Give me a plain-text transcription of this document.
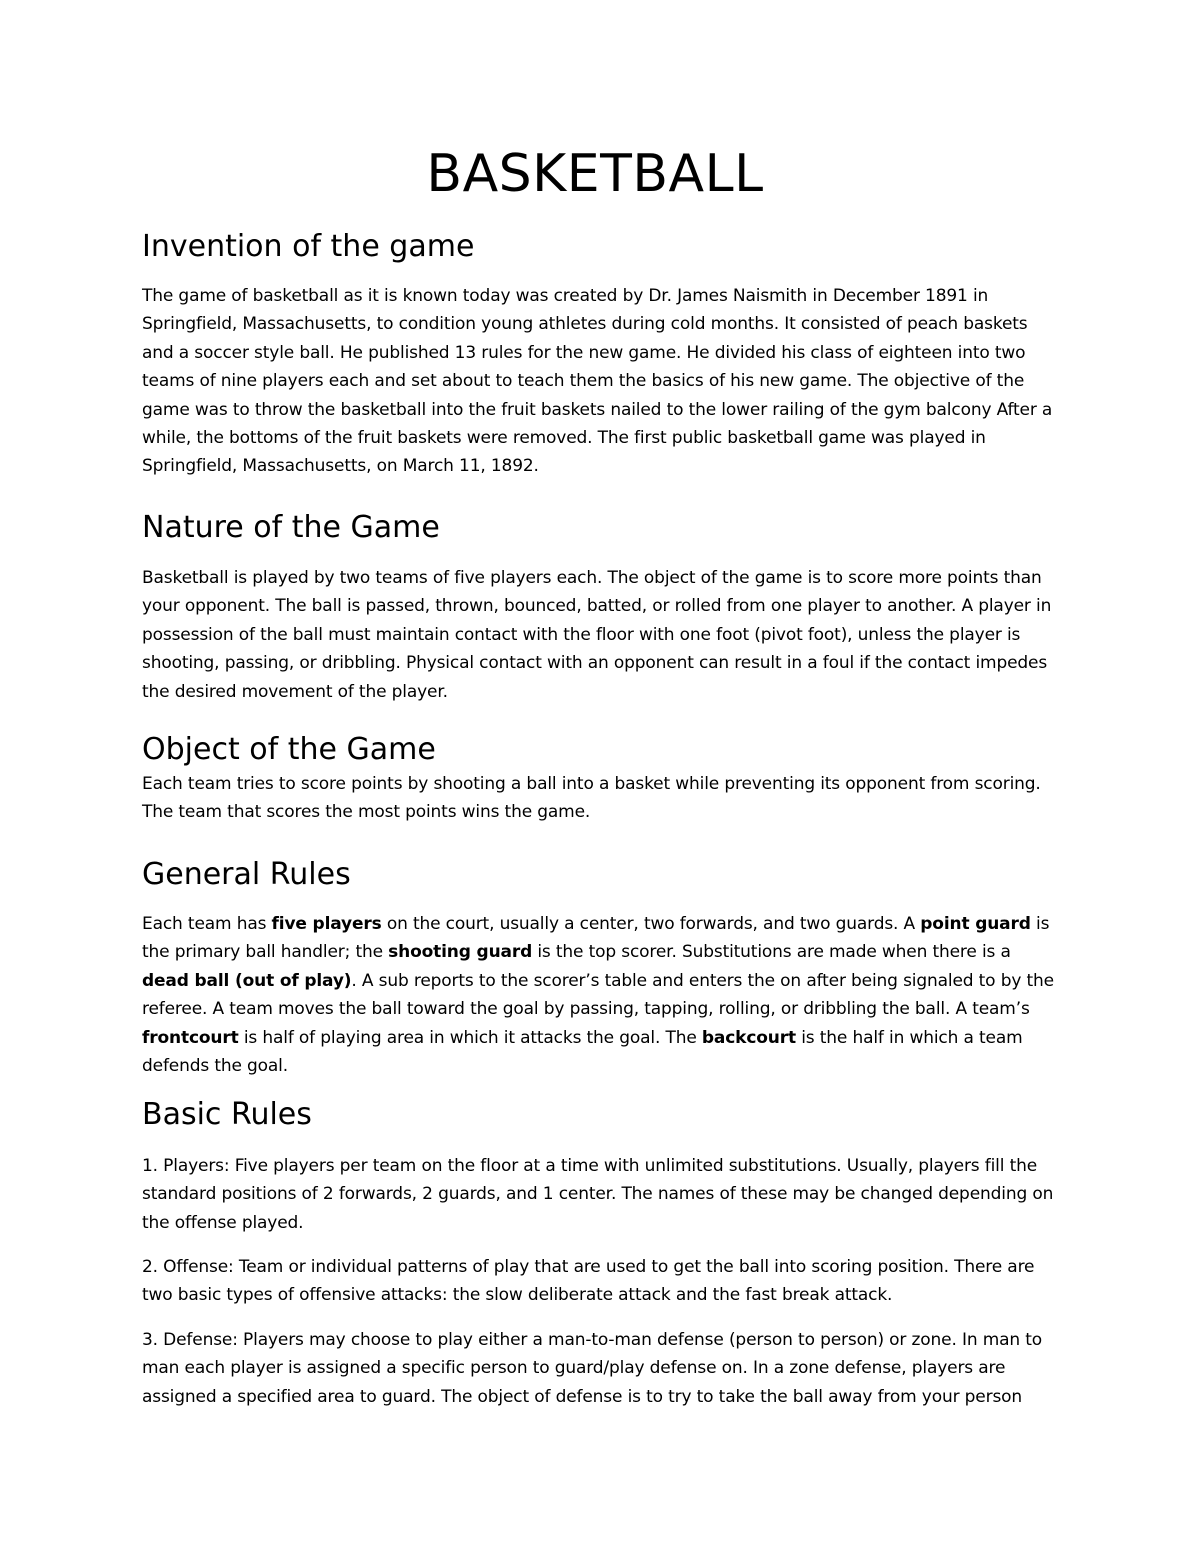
BASKETBALL
Invention of the game

The game of basketball as it is known today was created by Dr. James Naismith in December 1891 in Springfield, Massachusetts, to condition young athletes during cold months. It consisted of peach baskets and a soccer style ball. He published 13 rules for the new game. He divided his class of eighteen into two teams of nine players each and set about to teach them the basics of his new game. The objective of the game was to throw the basketball into the fruit baskets nailed to the lower railing of the gym balcony After a while, the bottoms of the fruit baskets were removed. The first public basketball game was played in Springfield, Massachusetts, on March 11, 1892.

Nature of the Game

Basketball is played by two teams of five players each. The object of the game is to score more points than your opponent. The ball is passed, thrown, bounced, batted, or rolled from one player to another. A player in possession of the ball must maintain contact with the floor with one foot (pivot foot), unless the player is shooting, passing, or dribbling. Physical contact with an opponent can result in a foul if the contact impedes the desired movement of the player.

Object of the Game

Each team tries to score points by shooting a ball into a basket while preventing its opponent from scoring. The team that scores the most points wins the game.

General Rules

Each team has five players on the court, usually a center, two forwards, and two guards. A point guard is the primary ball handler; the shooting guard is the top scorer. Substitutions are made when there is a dead ball (out of play). A sub reports to the scorer’s table and enters the on after being signaled to by the referee. A team moves the ball toward the goal by passing, tapping, rolling, or dribbling the ball. A team’s frontcourt is half of playing area in which it attacks the goal. The backcourt is the half in which a team defends the goal.

Basic Rules

1. Players: Five players per team on the floor at a time with unlimited substitutions. Usually, players fill the standard positions of 2 forwards, 2 guards, and 1 center. The names of these may be changed depending on the offense played.

2. Offense: Team or individual patterns of play that are used to get the ball into scoring position. There are two basic types of offensive attacks: the slow deliberate attack and the fast break attack.

3. Defense: Players may choose to play either a man-to-man defense (person to person) or zone. In man to man each player is assigned a specific person to guard/play defense on. In a zone defense, players are assigned a specified area to guard. The object of defense is to try to take the ball away from your person
